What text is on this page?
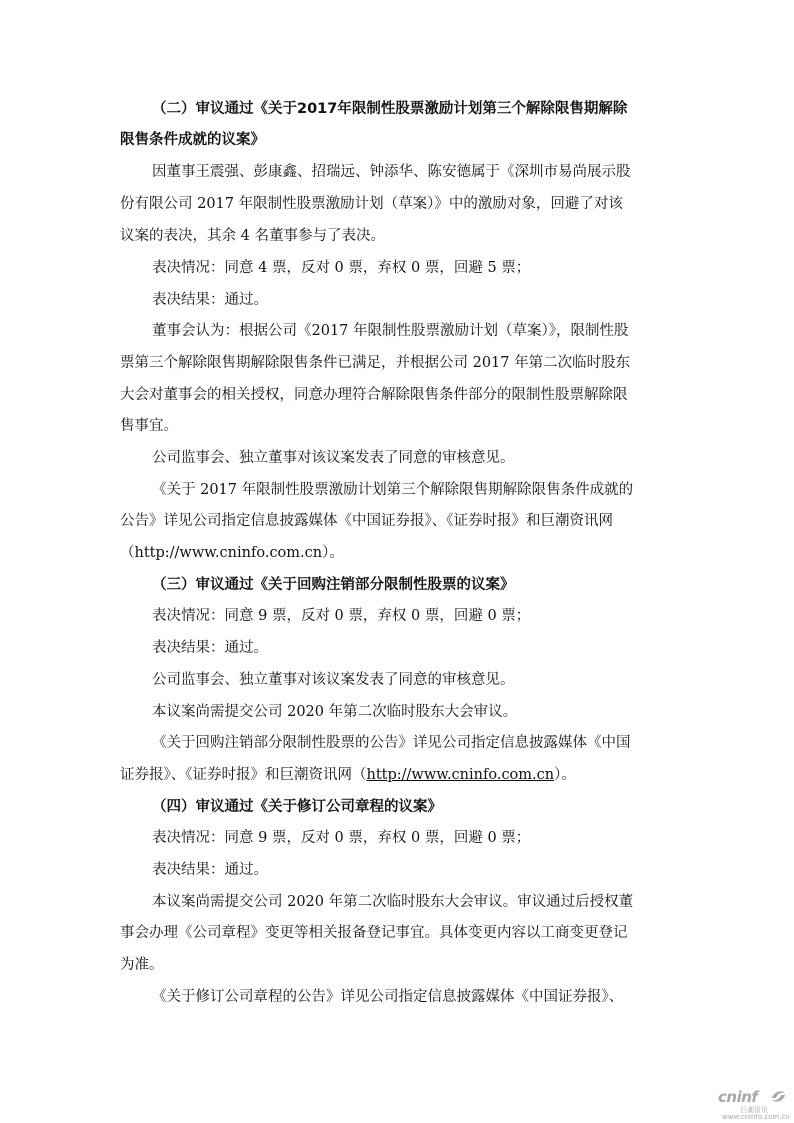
（二）审议通过《关于2017年限制性股票激励计划第三个解除限售期解除

限售条件成就的议案》

因董事王震强、彭康鑫、招瑞远、钟添华、陈安德属于《深圳市易尚展示股

份有限公司 2017 年限制性股票激励计划（草案）》中的激励对象，回避了对该

议案的表决，其余 4 名董事参与了表决。

表决情况：同意 4 票，反对 0 票，弃权 0 票，回避 5 票；

表决结果：通过。

董事会认为：根据公司《2017 年限制性股票激励计划（草案）》，限制性股

票第三个解除限售期解除限售条件已满足，并根据公司 2017 年第二次临时股东

大会对董事会的相关授权，同意办理符合解除限售条件部分的限制性股票解除限

售事宜。

公司监事会、独立董事对该议案发表了同意的审核意见。

《关于 2017 年限制性股票激励计划第三个解除限售期解除限售条件成就的

公告》详见公司指定信息披露媒体《中国证券报》、《证券时报》和巨潮资讯网

（http://www.cninfo.com.cn）。

（三）审议通过《关于回购注销部分限制性股票的议案》

表决情况：同意 9 票，反对 0 票，弃权 0 票，回避 0 票；

表决结果：通过。

公司监事会、独立董事对该议案发表了同意的审核意见。

本议案尚需提交公司 2020 年第二次临时股东大会审议。

《关于回购注销部分限制性股票的公告》详见公司指定信息披露媒体《中国

证券报》、《证券时报》和巨潮资讯网（http://www.cninfo.com.cn）。

（四）审议通过《关于修订公司章程的议案》

表决情况：同意 9 票，反对 0 票，弃权 0 票，回避 0 票；

表决结果：通过。

本议案尚需提交公司 2020 年第二次临时股东大会审议。审议通过后授权董

事会办理《公司章程》变更等相关报备登记事宜。具体变更内容以工商变更登记

为准。

《关于修订公司章程的公告》详见公司指定信息披露媒体《中国证券报》、

cninf
巨潮资讯
www.cninfo.com.cn
